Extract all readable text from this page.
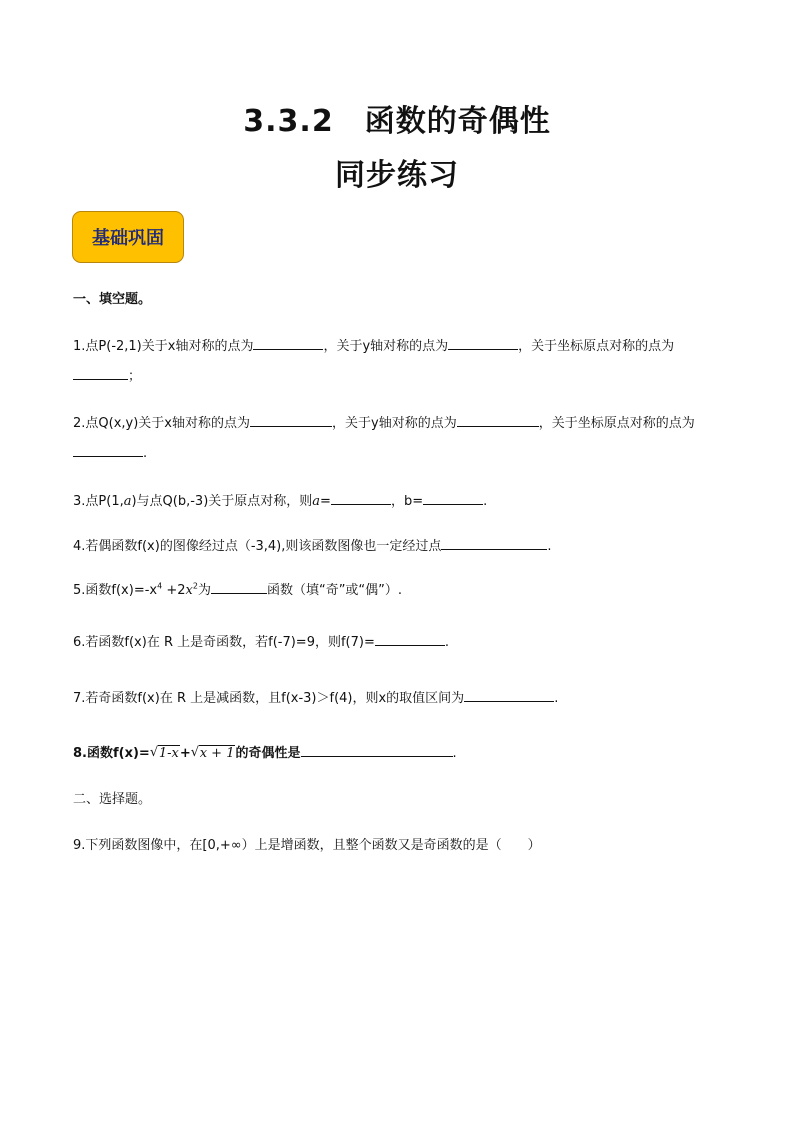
3.3.2　函数的奇偶性
同步练习
基础巩固
一、填空题。
1.点P(-2,1)关于x轴对称的点为	，关于y轴对称的点为	，关于坐标原点对称的点为
；
2.点Q(x,y)关于x轴对称的点为	，关于y轴对称的点为	，关于坐标原点对称的点为
.
3.点P(1,a)与点Q(b,-3)关于原点对称，则a=	，b=	.
4.若偶函数f(x)的图像经过点（-3,4),则该函数图像也一定经过点	.
5.函数$f(x)=-x^4 +2x^2$为	函数（填“奇”或“偶”）.
6.若函数f(x)在 R 上是奇函数，若f(-7)=9，则f(7)=	.
7.若奇函数f(x)在 R 上是减函数，且f(x-3)＞f(4)，则x的取值区间为	.
8.函数f(x)= √ 1-x+ √ x + 1的奇偶性是	.
二、选择题。
9.下列函数图像中，在[0,+∞）上是增函数，且整个函数又是奇函数的是（　　）
